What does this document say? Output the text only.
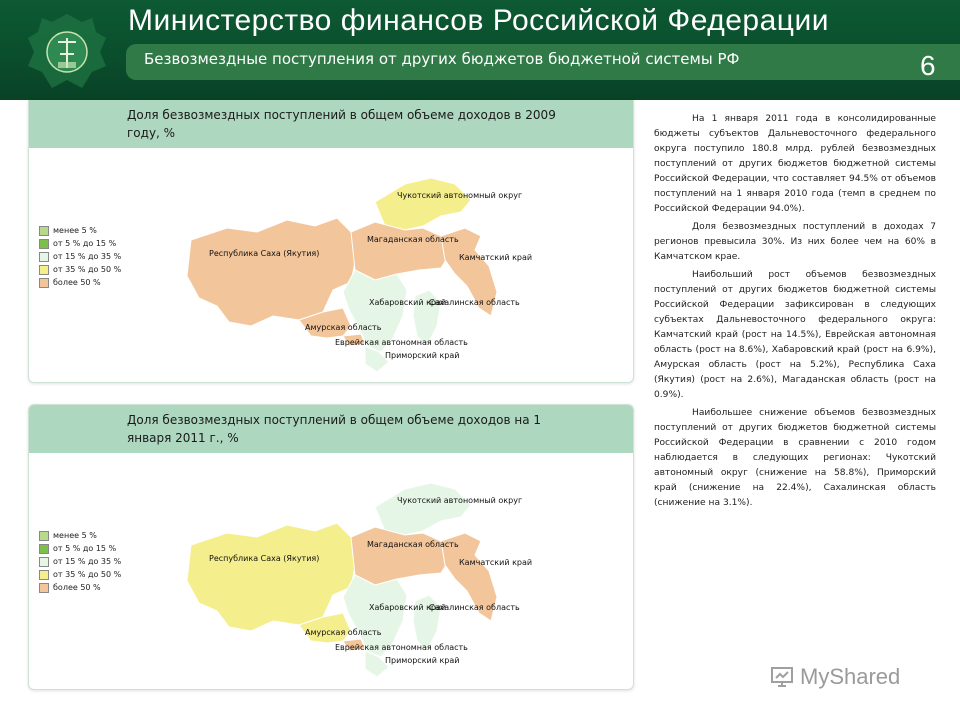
Министерство финансов Российской Федерации
Безвозмездные поступления от других бюджетов бюджетной системы РФ	6
Доля безвозмездных поступлений в общем объеме доходов в 2009 году, %
менее 5 %
от 5 % до 15 %
от 15 % до 35 %
от 35 % до 50 %
более 50 %
Чукотский автономный округ
Республика Саха (Якутия)
Магаданская область
Камчатский край
Амурская область
Хабаровский край
Сахалинская область
Еврейская автономная область
Приморский край
Доля безвозмездных поступлений в общем объеме доходов на 1 января 2011 г., %
менее 5 %
от 5 % до 15 %
от 15 % до 35 %
от 35 % до 50 %
более 50 %
Чукотский автономный округ
Республика Саха (Якутия)
Магаданская область
Камчатский край
Амурская область
Хабаровский край
Сахалинская область
Еврейская автономная область
Приморский край

На 1 января 2011 года в консолидированные бюджеты субъектов Дальневосточного федерального округа поступило 180.8 млрд. рублей безвозмездных поступлений от других бюджетов бюджетной системы Российской Федерации, что составляет 94.5% от объемов поступлений на 1 января 2010 года (темп в среднем по Российской Федерации 94.0%).

Доля безвозмездных поступлений в доходах 7 регионов превысила 30%. Из них более чем на 60% в Камчатском крае.

Наибольший рост объемов безвозмездных поступлений от других бюджетов бюджетной системы Российской Федерации зафиксирован в следующих субъектах Дальневосточного федерального округа: Камчатский край (рост на 14.5%), Еврейская автономная область (рост на 8.6%), Хабаровский край (рост на 6.9%), Амурская область (рост на 5.2%), Республика Саха (Якутия) (рост на 2.6%), Магаданская область (рост на 0.9%).

Наибольшее снижение объемов безвозмездных поступлений от других бюджетов бюджетной системы Российской Федерации в сравнении с 2010 годом наблюдается в следующих регионах: Чукотский автономный округ (снижение на 58.8%), Приморский край (снижение на 22.4%), Сахалинская область (снижение на 3.1%).

MyShared
